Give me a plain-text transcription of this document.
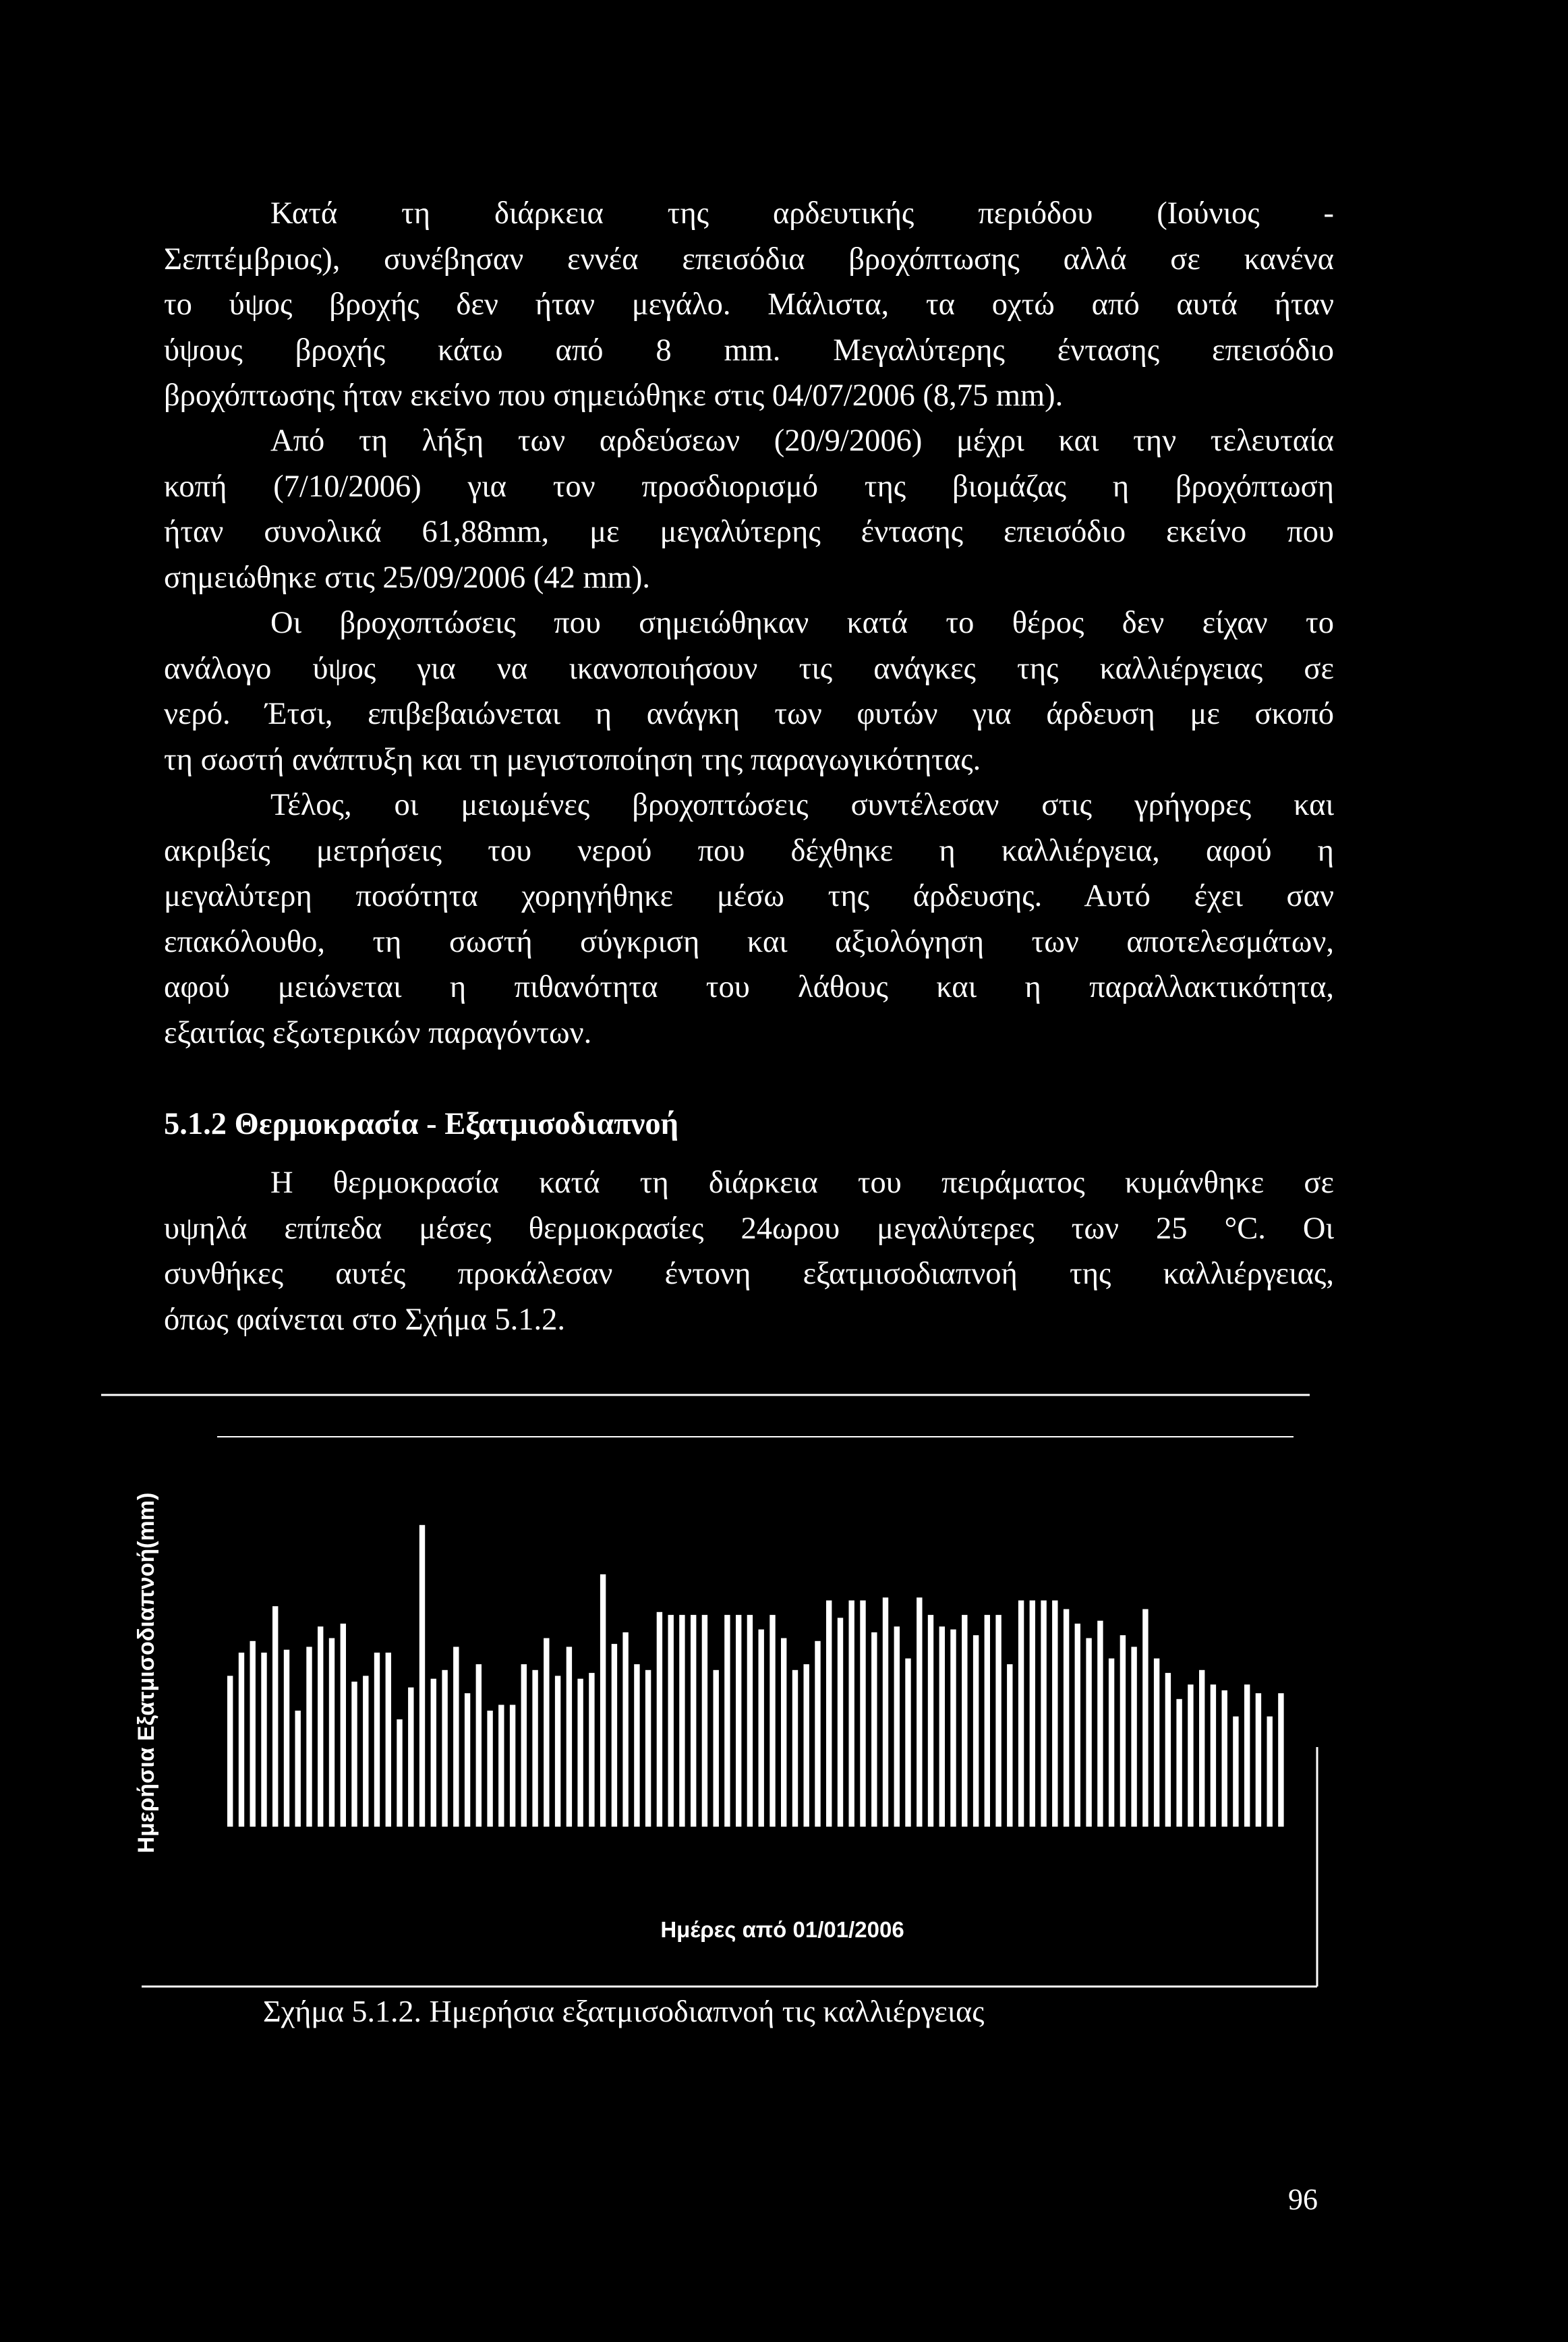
Κατά τη διάρκεια της αρδευτικής περιόδου (Ιούνιος -
Σεπτέμβριος), συνέβησαν εννέα επεισόδια βροχόπτωσης αλλά σε κανένα
το ύψος βροχής δεν ήταν μεγάλο. Μάλιστα, τα οχτώ από αυτά ήταν
ύψους βροχής κάτω από 8 mm. Μεγαλύτερης έντασης επεισόδιο
βροχόπτωσης ήταν εκείνο που σημειώθηκε στις 04/07/2006 (8,75 mm).

Από τη λήξη των αρδεύσεων (20/9/2006) μέχρι και την τελευταία
κοπή (7/10/2006) για τον προσδιορισμό της βιομάζας η βροχόπτωση
ήταν συνολικά 61,88mm, με μεγαλύτερης έντασης επεισόδιο εκείνο που
σημειώθηκε στις 25/09/2006 (42 mm).

Οι βροχοπτώσεις που σημειώθηκαν κατά το θέρος δεν είχαν το
ανάλογο ύψος για να ικανοποιήσουν τις ανάγκες της καλλιέργειας σε
νερό. Έτσι, επιβεβαιώνεται η ανάγκη των φυτών για άρδευση με σκοπό
τη σωστή ανάπτυξη και τη μεγιστοποίηση της παραγωγικότητας.

Τέλος, οι μειωμένες βροχοπτώσεις συντέλεσαν στις γρήγορες και
ακριβείς μετρήσεις του νερού που δέχθηκε η καλλιέργεια, αφού η
μεγαλύτερη ποσότητα χορηγήθηκε μέσω της άρδευσης. Αυτό έχει σαν
επακόλουθο, τη σωστή σύγκριση και αξιολόγηση των αποτελεσμάτων,
αφού μειώνεται η πιθανότητα του λάθους και η παραλλακτικότητα,
εξαιτίας εξωτερικών παραγόντων.

5.1.2 Θερμοκρασία - Εξατμισοδιαπνοή

Η θερμοκρασία κατά τη διάρκεια του πειράματος κυμάνθηκε σε
υψηλά επίπεδα μέσες θερμοκρασίες 24ωρου μεγαλύτερες των 25 °C. Οι
συνθήκες αυτές προκάλεσαν έντονη εξατμισοδιαπνοή της καλλιέργειας,
όπως φαίνεται στο Σχήμα 5.1.2.

Ημερήσια Εξατμισοδιαπνοή(mm)
Ημέρες από 01/01/2006
Σχήμα 5.1.2. Ημερήσια εξατμισοδιαπνοή τις καλλιέργειας
96
